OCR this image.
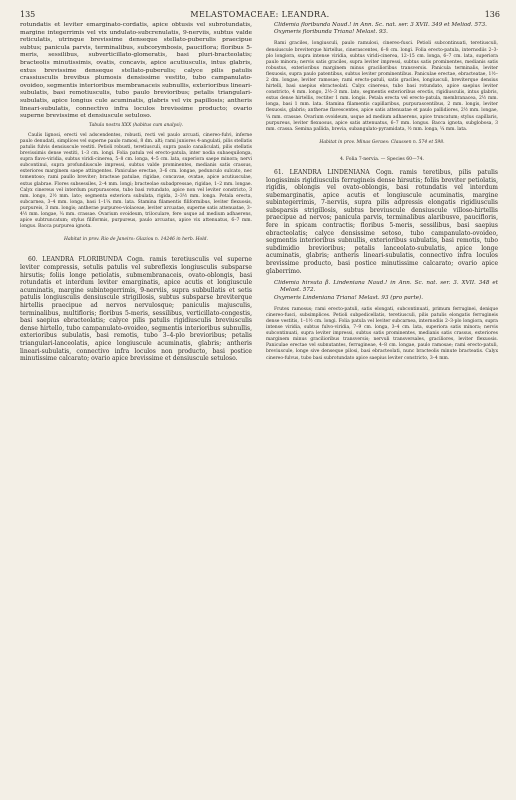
135	MELASTOMACEAE: LEANDRA.	136

rotundatis et leviter emarginato-cordatis, apice obtusis vel subrotundatis, margine integerrimis vel vix undulato-subcrenulatis, 9-nerviis, subtus valde reticulatis, utrinque brevissime denseque stellato-puberulis praecipue subtus; panicula parvis, terminalibus, subcorymbosis, pauciflora; floribus 5-meris, sessilibus, subverticillato-glomeratis, basi pluri-bracteolatis; bracteolis minutissimis, ovatis, concavis, apice acutiusculis, intus glabris, extus brevissime denseque stellato-puberulis; calyce pilis patulis crassiusculis brevibus plumosis densissime vestito, tubo campanulato-ovoideo, segmentis interioribus membranaceis subnullis, exterioribus lineari-subulatis, basi remotiusculis, tubo paulo brevioribus; petalis triangulari-subulatis, apice longius cule acuminatis, glabris vel vix papillosis; antheris lineari-subulatis, connectivo infra loculos brevissime producto; ovario superne brevissime et densiuscule setuloso.

Tabula nostra XXX (habitus cum analysi).

Caulis lignosi, erecti vel adscendentes, robusti, recti vel paulo arcuati, cinereo-fulvi, inferne paulo denudati, simplices vel superne paulo ramosi, 8 dm. alti; rami juniores 4-angulati, pilis stellatis patulis fulvis densiuscule vestiti. Petioli robusti, teretiusculi, supra paulo canaliculati, pilis stellatis brevissimis dense vestiti, 1–3 cm. longi. Folia patula vel erecto-patula, inter nodia subaequilonga, supra flavo-viridia, subtus viridi-cinerea, 5–8 cm. longa, 4–5 cm. lata, superiora saepe minora; nervi subcontinui, supra profundiuscule impressi, subtus valde prominentes, medianis satis crassus, exteriores marginem saepe attingentes. Paniculae erectae, 3–6 cm. longae, pedunculo sulcato, nec tomentoso; rami paullo breviter; bracteae patulae, rigidae, concavae, ovatae, apice acutiusculae, extus glabrae. Flores subsessiles, 2–4 mm. longi; bracteolae subadpressae, rigidae, 1–2 mm. longae. Calyx cinereus vel interdum purpurascens, tubo basi rotundato, apice non vel leviter constricto, 3 mm. longo, 2½ mm. lato; segmenta exteriora subulata, rigida, 2–3½ mm. longa. Petala erecta, subcarnea, 3–4 mm. longa, basi 1–1¼ mm. lata. Stamina filamentis filiformibus, leviter flexuosis, purpureis, 3 mm. longis; antherae purpureo-violaceae, leviter arcuatae, superne satis attenuatae, 3–4½ mm. longae, ¼ mm. crassae. Ovarium ovoideum, triloculare, fere usque ad medium adhaerens, apice subtruncatum; stylus filiformis, purpureus, paulo arcuatus, apice vix attenuatus, 6–7 mm. longus. Bacca purpurea ignota.

Habitat in prov. Rio de Janeiro: Glaziou n. 14246 in herb. Hold.

60. LEANDRA FLORIBUNDA Cogn. ramis teretiusculis vel superne leviter compressis, setulis patulis vel subreflexis longiusculis subsparse hirsutis; foliis longe petiolatis, submembranaceis, ovato-oblongis, basi rotundatis et interdum leviter emarginatis, apice acutis et longiuscule acuminatis, margine subintegerrimis, 9-nerviis, supra subbullatis et setis patulis longiusculis densiuscule strigillosis, subtus subsparse breviterque hirtellis praecipue ad nervos nervulosque; paniculis majusculis, terminalibus, multifloris; floribus 5-meris, sessilibus, verticillato-congestis, basi saepius ebracteolatis; calyce pilis patulis rigidiusculis breviusculis dense hirtello, tubo campanulato-ovoideo, segmentis interioribus subnullis, exterioribus subulatis, basi remotis, tubo 3–4-plo brevioribus; petalis triangulari-lanceolatis, apice longiuscule acuminatis, glabris; antheris lineari-subulatis, connectivo infra loculos non producto, basi postice minutissime calcarato; ovario apice brevissime et densiuscule setuloso.

Clidemia floribunda Naud.! in Ann. Sc. nat. ser. 3 XVII. 349 et Meliod. 573.

Oxymeris floribunda Triana! Melast. 93.

Rami graciles, longiusculi, paulo ramulosi, cinereo-fusci. Petioli subcontinuati, teretiusculi, densiuscule breviterque hirtellus, cinerascentes, 6–8 cm. longi. Folia erecto-patula, internodiis 2–3-plo longiora, supra intense viridia, subtus viridi-cinerea, 12–15 cm. longa, 6–7 cm. lata, superiora paulo minora; nervis satis graciles, supra leviter impressi, subtus satis prominentes, medianis satis robustus, exterioribus marginem minus gracilioribus transversis. Panicula terminalis, leviter flexuosis, supra paulo patentibus, subtus leviter prominentibus. Paniculae erectae, ebracteatae, 1½–2 dm. longae, leviter ramosae; rami erecto-patuli, satis graciles, longiusculi, breviterque densius hirtelli, basi saepius ebracteolati. Calyx cinereus, tubo basi rotundato, apice saepius leviter constricto, 4 mm. longo, 2½–3 mm. lato, segmentis exterioribus erectis, rigidiusculis, intus glabris, extus dense hirtellis, rectiter 1 mm. longis. Petala erecta vel erecto-patula, membranacea, 2½ mm. longa, basi 1 mm. lata. Stamina filamentis capillaribus, purpurascentibus, 2 mm. longis, leviter flexuosis, glabris; antherae flavescentes, apice satis attenuatae et paulo pallidiores, 2½ mm. longae, ¼ mm. crassae. Ovarium ovoideum, usque ad medium adhaerens, apice truncatum; stylus capillaris, purpureus, leviter flexuosus, apice satis attenuatus, 6–7 mm. longus. Bacca ignota, subglobosa, 3 mm. crassa. Semina pallida, brevia, subangulato-pyramidata, ½ mm. longa, ¼ mm. lata.

Habitat in prov. Minas Geraes: Claussen n. 574 et 598.

4. Folia 7-nervia. — Species 60—74.

61. LEANDRA LINDENIANA Cogn. ramis teretibus, pilis patulis longissimis rigidiusculis ferrugineis dense hirsutis; foliis breviter petiolatis, rigidis, oblongis vel ovato-oblongis, basi rotundatis vel interdum subemarginatis, apice acutis et longiuscule acuminatis, margine subintegerrimis, 7-nerviis, supra pilis adpressis elongatis rigidiusculis subsparsis strigillosis, subtus breviuscule densiuscule villoso-hirtellis praecipue ad nervos; panicula parvis, terminalibus alaribusve, paucifloris, fere in spicam contractis; floribus 5-meris, sessilibus, basi saepius ebracteolatis; calyce densissime setoso, tubo campanulato-ovoideo, segmentis interioribus subnullis, exterioribus subulatis, basi remotis, tubo subdimidio brevioribus; petalis lanceolato-subulatis, apice longe acuminatis, glabris; antheris lineari-subulatis, connectivo infra loculos brevissime producto, basi postice minutissime calcarato; ovario apice glaberrimo.

Clidemia hirsuta β. Lindeniana Naud.! in Ann. Sc. nat. ser. 3. XVII. 348 et Melast. 572.

Oxymeris Lindeniana Triana! Melast. 93 (pro parte).

Frutex ramosus; rami erecto-patuli, satis elongati, subcontinuati, primum ferruginei, denique cinereo-fusci, subsimplices. Petioli subpedicellatis, teretiusculi, pilis patulis elongatis ferrugineis dense vestitis, 1–1½ cm. longi. Folia patula vel leviter subcarnea, internodiis 2–3-plo longiora, supra intense viridia, subtus fulvo-viridia, 7–9 cm. longa, 3–4 cm. lata, superiora satis minora; nervis subcontinuati, supra leviter impressi, subtus satis prominentes, medianis satis crassus, exteriores marginem minus gracilioribus transversis; nervuli transversales, graciliores, leviter flexuosis. Paniculae erectae vel subnutantes, ferrugineae, 4–8 cm. longae, paulo ramosae; rami erecto-patuli, breviuscule, longe sive denseque pilosi, basi ebracteolati, nunc bracteolis minute bracteatis. Calyx cinereo-fulvus, tubo basi subrotundato apice saepius leviter constricto, 3–4 mm.
